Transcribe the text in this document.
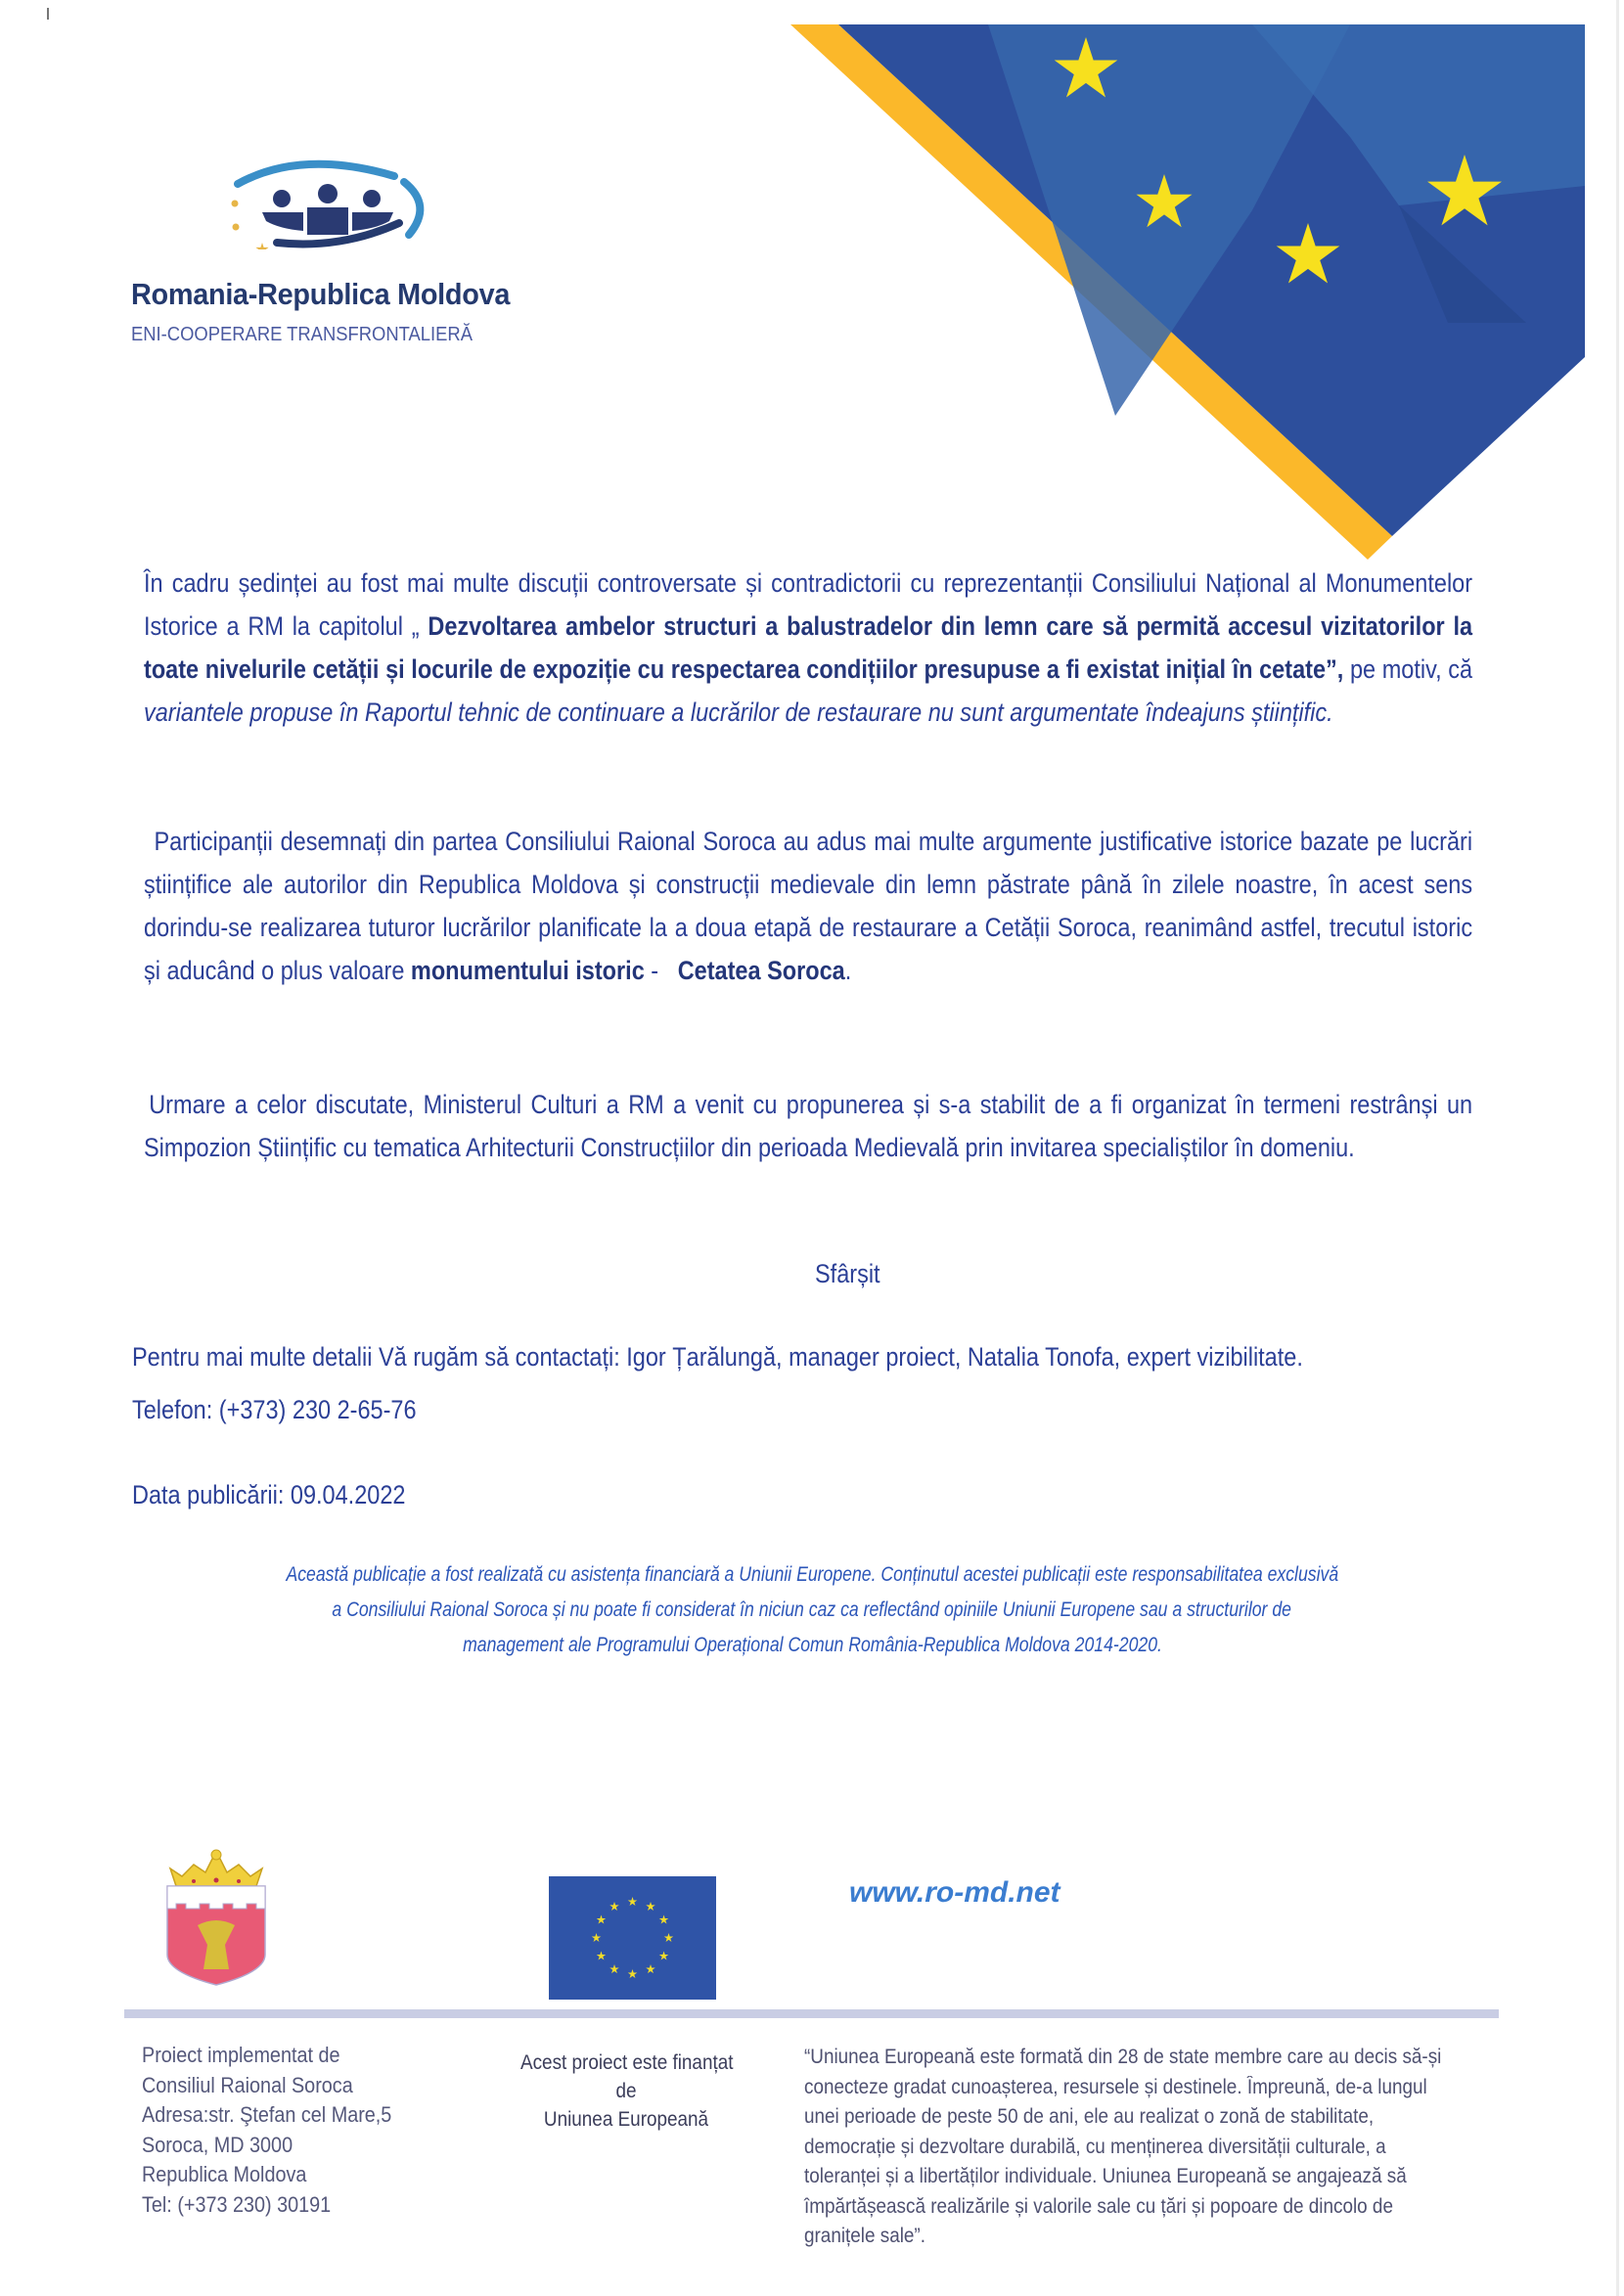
Romania-Republica Moldova
ENI-COOPERARE TRANSFRONTALIERĂ
În cadru ședinței au fost mai multe discuții controversate și contradictorii cu reprezentanții Consiliului Național al Monumentelor Istorice a RM la capitolul „ Dezvoltarea ambelor structuri a balustradelor din lemn care să permită accesul vizitatorilor la toate nivelurile cetății și locurile de expoziție cu respectarea condițiilor presupuse a fi existat inițial în cetate”, pe motiv, că variantele propuse în Raportul tehnic de continuare a lucrărilor de restaurare nu sunt argumentate îndeajuns științific.
Participanții desemnați din partea Consiliului Raional Soroca au adus mai multe argumente justificative istorice bazate pe lucrări științifice ale autorilor din Republica Moldova și construcții medievale din lemn păstrate până în zilele noastre, în acest sens dorindu-se realizarea tuturor lucrărilor planificate la a doua etapă de restaurare a Cetății Soroca, reanimând astfel, trecutul istoric și aducând o plus valoare monumentului istoric -   Cetatea Soroca.
Urmare a celor discutate, Ministerul Culturi a RM a venit cu propunerea și s-a stabilit de a fi organizat în termeni restrânși un Simpozion Științific cu tematica Arhitecturii Construcțiilor din perioada Medievală prin invitarea specialiștilor în domeniu.
Sfârșit
Pentru mai multe detalii Vă rugăm să contactați: Igor Țarălungă, manager proiect, Natalia Tonofa, expert vizibilitate.
Telefon: (+373) 230 2-65-76
Data publicării: 09.04.2022
Această publicație a fost realizată cu asistența financiară a Uniunii Europene. Conținutul acestei publicații este responsabilitatea exclusivă
a Consiliului Raional Soroca și nu poate fi considerat în niciun caz ca reflectând opiniile Uniunii Europene sau a structurilor de
management ale Programului Operațional Comun România-Republica Moldova 2014-2020.
www.ro-md.net
Proiect implementat de
Consiliul Raional Soroca
Adresa:str. Ştefan cel Mare,5
Soroca, MD 3000
Republica Moldova
Tel: (+373 230) 30191
Acest proiect este finanțat
de
Uniunea Europeană
“Uniunea Europeană este formată din 28 de state membre care au decis să-și
conecteze gradat cunoașterea, resursele și destinele. Împreună, de-a lungul
unei perioade de peste 50 de ani, ele au realizat o zonă de stabilitate,
democrație și dezvoltare durabilă, cu menținerea diversității culturale, a
toleranței și a libertăților individuale. Uniunea Europeană se angajează să
împărtășească realizările și valorile sale cu țări și popoare de dincolo de
granițele sale”.
